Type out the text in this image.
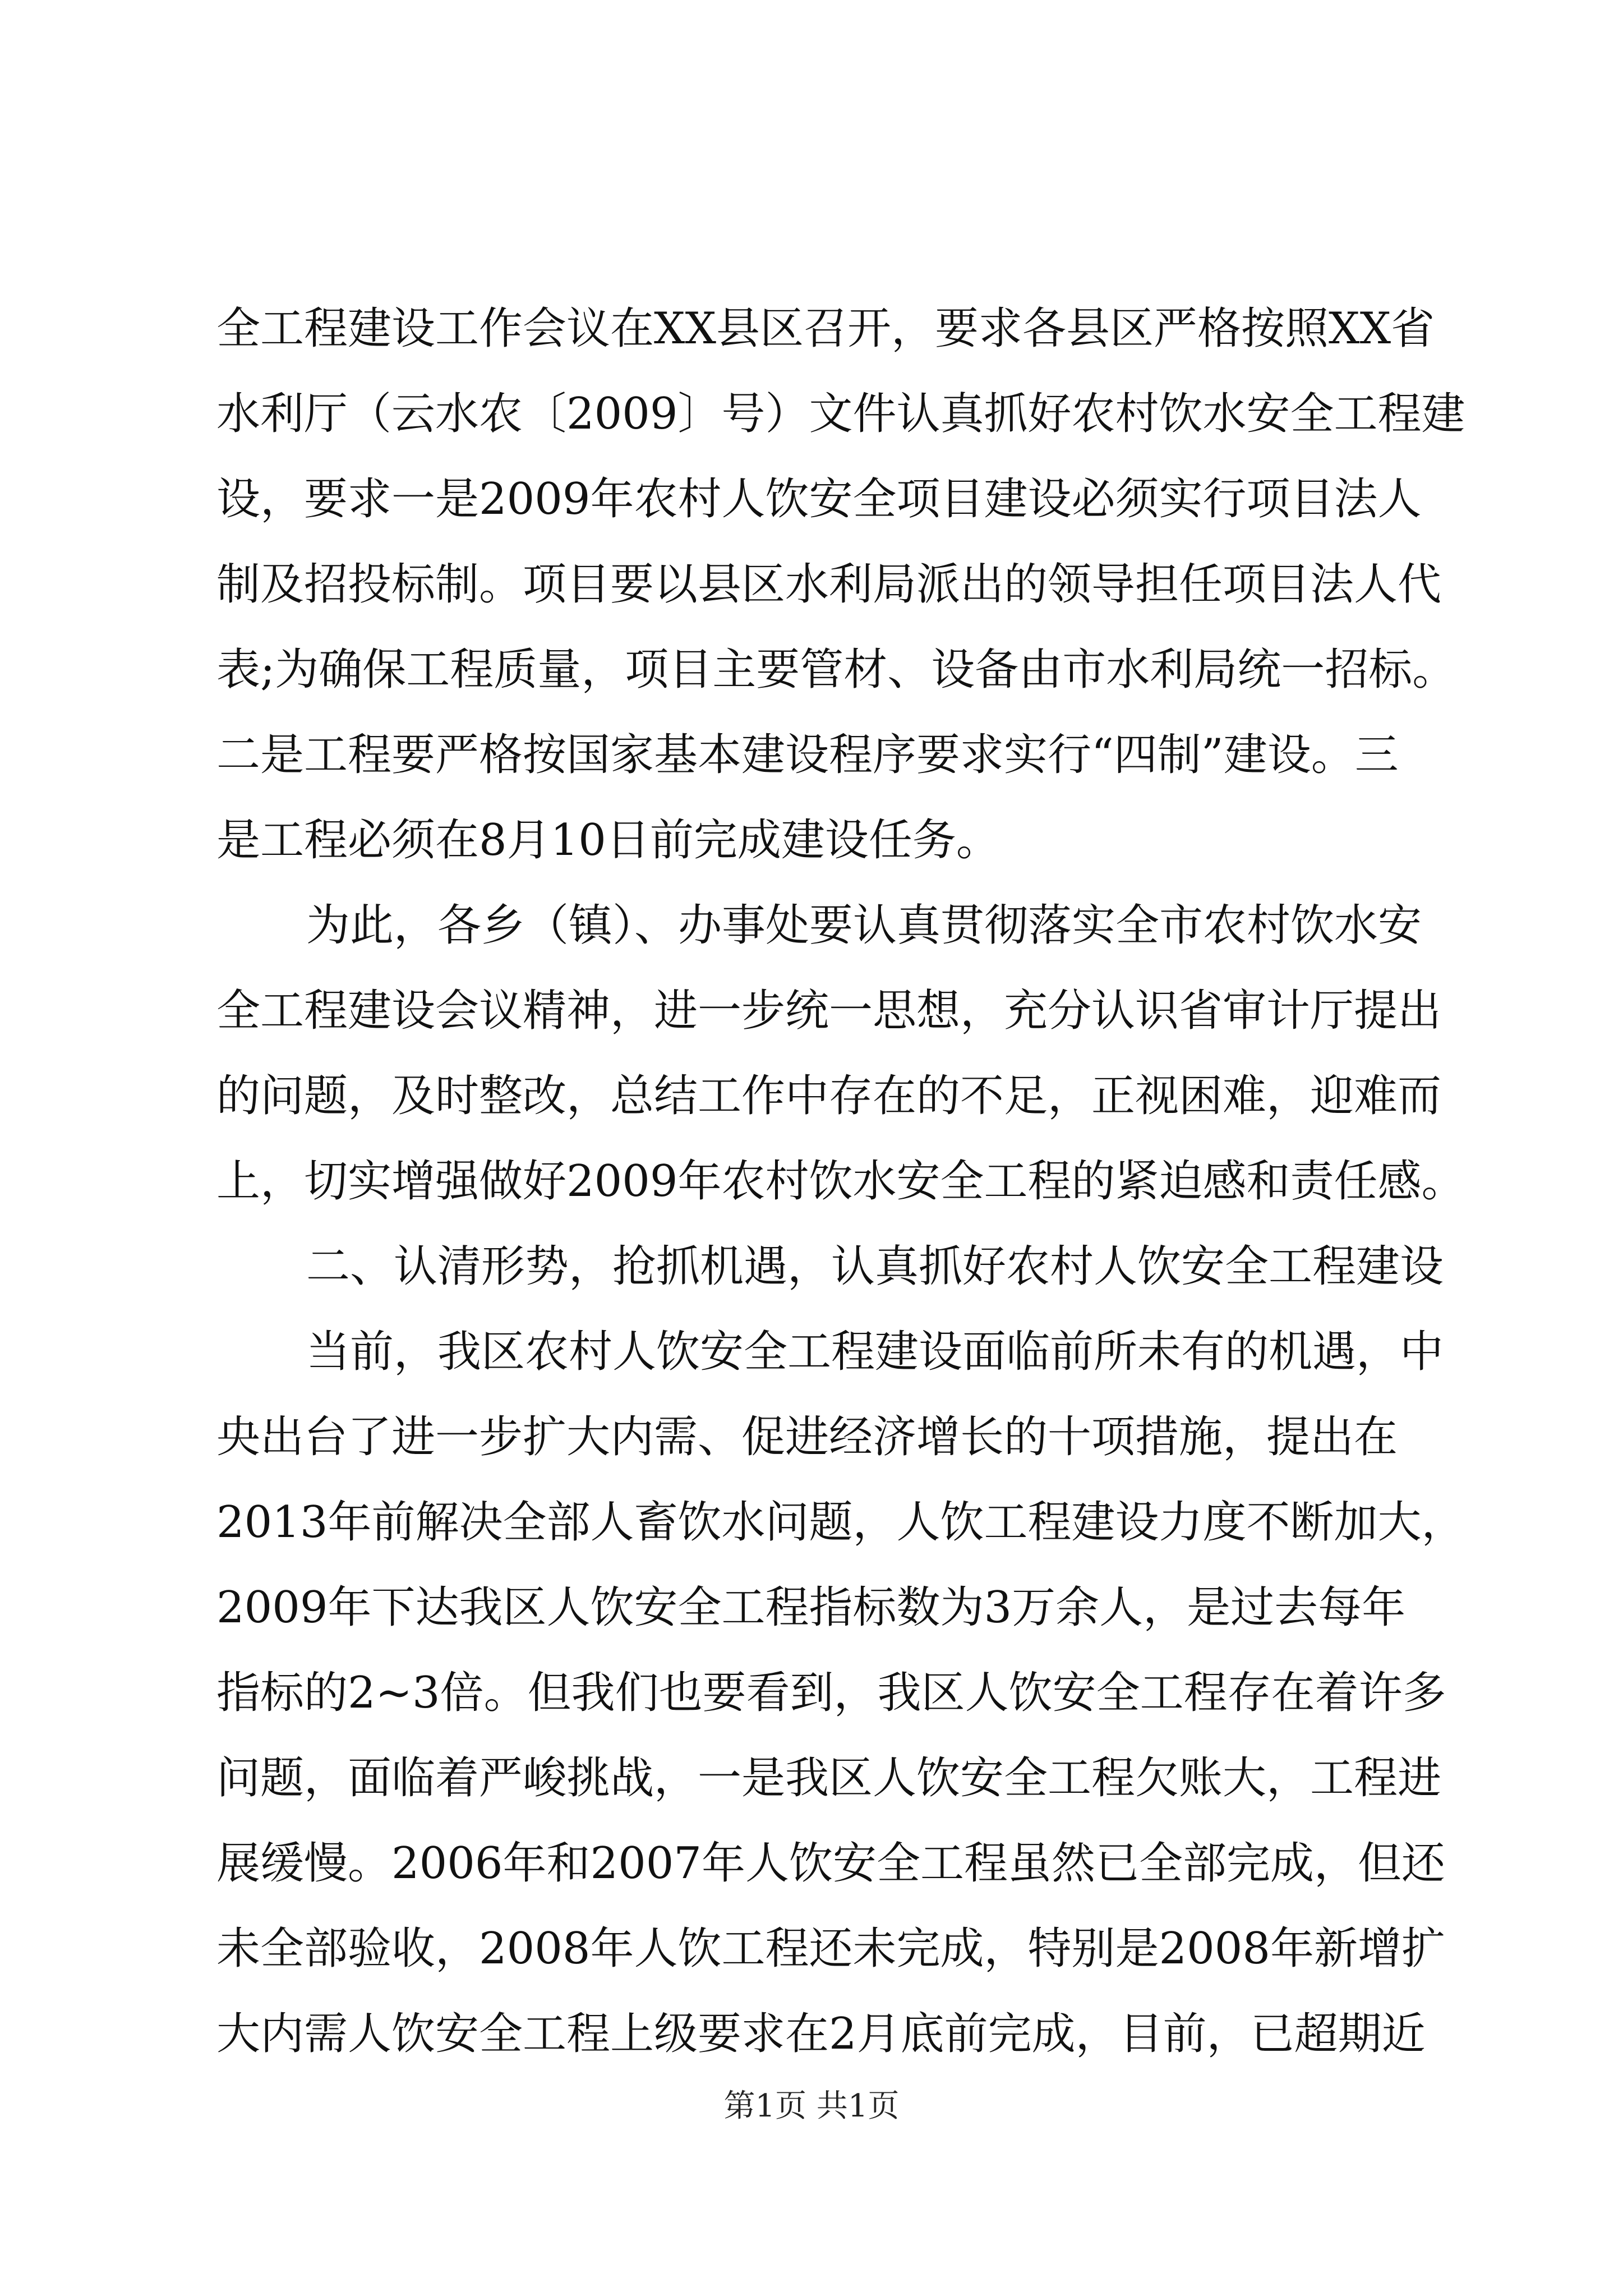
全工程建设工作会议在XX县区召开，要求各县区严格按照XX省
水利厅（云水农〔2009〕号）文件认真抓好农村饮水安全工程建
设，要求一是2009年农村人饮安全项目建设必须实行项目法人
制及招投标制。项目要以县区水利局派出的领导担任项目法人代
表;为确保工程质量，项目主要管材、设备由市水利局统一招标。
二是工程要严格按国家基本建设程序要求实行“四制”建设。三
是工程必须在8月10日前完成建设任务。
为此，各乡（镇）、办事处要认真贯彻落实全市农村饮水安
全工程建设会议精神，进一步统一思想，充分认识省审计厅提出
的问题，及时整改，总结工作中存在的不足，正视困难，迎难而
上，切实增强做好2009年农村饮水安全工程的紧迫感和责任感。
二、认清形势，抢抓机遇，认真抓好农村人饮安全工程建设
当前，我区农村人饮安全工程建设面临前所未有的机遇，中
央出台了进一步扩大内需、促进经济增长的十项措施，提出在
2013年前解决全部人畜饮水问题，人饮工程建设力度不断加大，
2009年下达我区人饮安全工程指标数为3万余人，是过去每年
指标的2~3倍。但我们也要看到，我区人饮安全工程存在着许多
问题，面临着严峻挑战，一是我区人饮安全工程欠账大，工程进
展缓慢。2006年和2007年人饮安全工程虽然已全部完成，但还
未全部验收，2008年人饮工程还未完成，特别是2008年新增扩
大内需人饮安全工程上级要求在2月底前完成，目前，已超期近
第1页 共1页
